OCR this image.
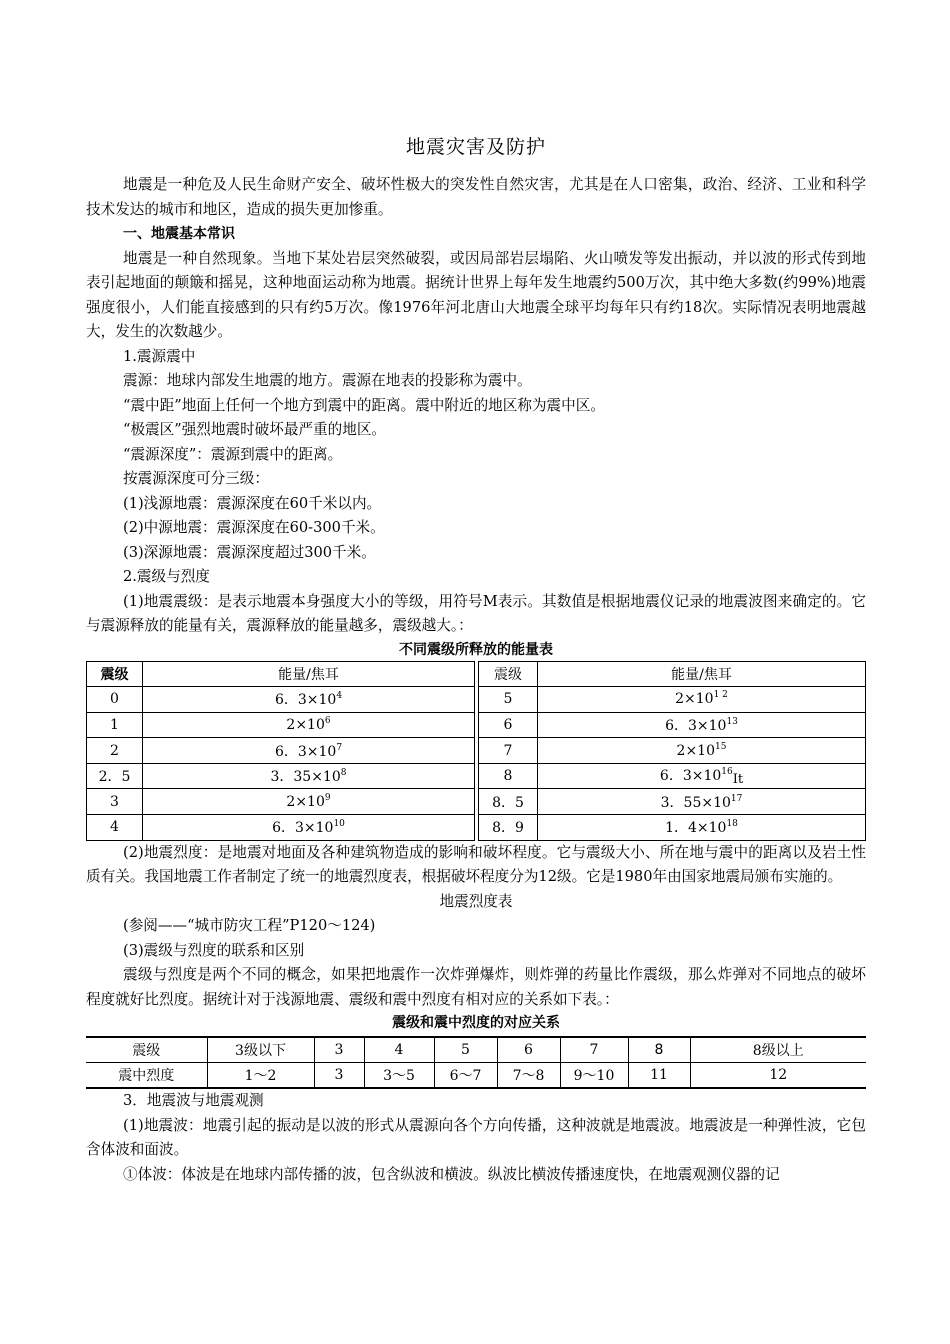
地震灾害及防护

地震是一种危及人民生命财产安全、破坏性极大的突发性自然灾害，尤其是在人口密集，政治、经济、工业和科学技术发达的城市和地区，造成的损失更加惨重。

一、地震基本常识

地震是一种自然现象。当地下某处岩层突然破裂，或因局部岩层塌陷、火山喷发等发出振动，并以波的形式传到地表引起地面的颠簸和摇晃，这种地面运动称为地震。据统计世界上每年发生地震约500万次，其中绝大多数(约99%)地震强度很小，人们能直接感到的只有约5万次。像1976年河北唐山大地震全球平均每年只有约18次。实际情况表明地震越大，发生的次数越少。

1.震源震中

震源：地球内部发生地震的地方。震源在地表的投影称为震中。

“震中距”地面上任何一个地方到震中的距离。震中附近的地区称为震中区。

“极震区”强烈地震时破坏最严重的地区。

“震源深度”：震源到震中的距离。

按震源深度可分三级：

(1)浅源地震：震源深度在60千米以内。

(2)中源地震：震源深度在60-300千米。

(3)深源地震：震源深度超过300千米。

2.震级与烈度

(1)地震震级：是表示地震本身强度大小的等级，用符号M表示。其数值是根据地震仪记录的地震波图来确定的。它与震源释放的能量有关，震源释放的能量越多，震级越大。：

不同震级所释放的能量表
震级	能量/焦耳		震级	能量/焦耳
0	6．$3\times 10^4$		5	$2\times 10^{1 2}$
1	$2\times 10^6$		6	6．$3\times 10^{13}$
2	6．$3\times 10^7$		7	$2\times 10^{15}$
2．5	3．$35\times 10^8$		8	6．$3\times 10^{16}It$
3	$2\times 10^9$		8．5	3．$55\times 10^{17}$
4	6．$3\times 10^{10}$		8．9	1．$4\times 10^{18}$

(2)地震烈度：是地震对地面及各种建筑物造成的影响和破坏程度。它与震级大小、所在地与震中的距离以及岩土性质有关。我国地震工作者制定了统一的地震烈度表，根据破坏程度分为12级。它是1980年由国家地震局颁布实施的。

地震烈度表

(参阅——“城市防灾工程”P120～124)

(3)震级与烈度的联系和区别

震级与烈度是两个不同的概念，如果把地震作一次炸弹爆炸，则炸弹的药量比作震级，那么炸弹对不同地点的破坏程度就好比烈度。据统计对于浅源地震、震级和震中烈度有相对应的关系如下表。：

震级和震中烈度的对应关系
震级	3级以下	3	4	5	6	7	8	8级以上
震中烈度	1～2	3	3～5	6～7	7～8	9～10	11	12

3．地震波与地震观测

(1)地震波：地震引起的振动是以波的形式从震源向各个方向传播，这种波就是地震波。地震波是一种弹性波，它包含体波和面波。

①体波：体波是在地球内部传播的波，包含纵波和横波。纵波比横波传播速度快，在地震观测仪器的记
